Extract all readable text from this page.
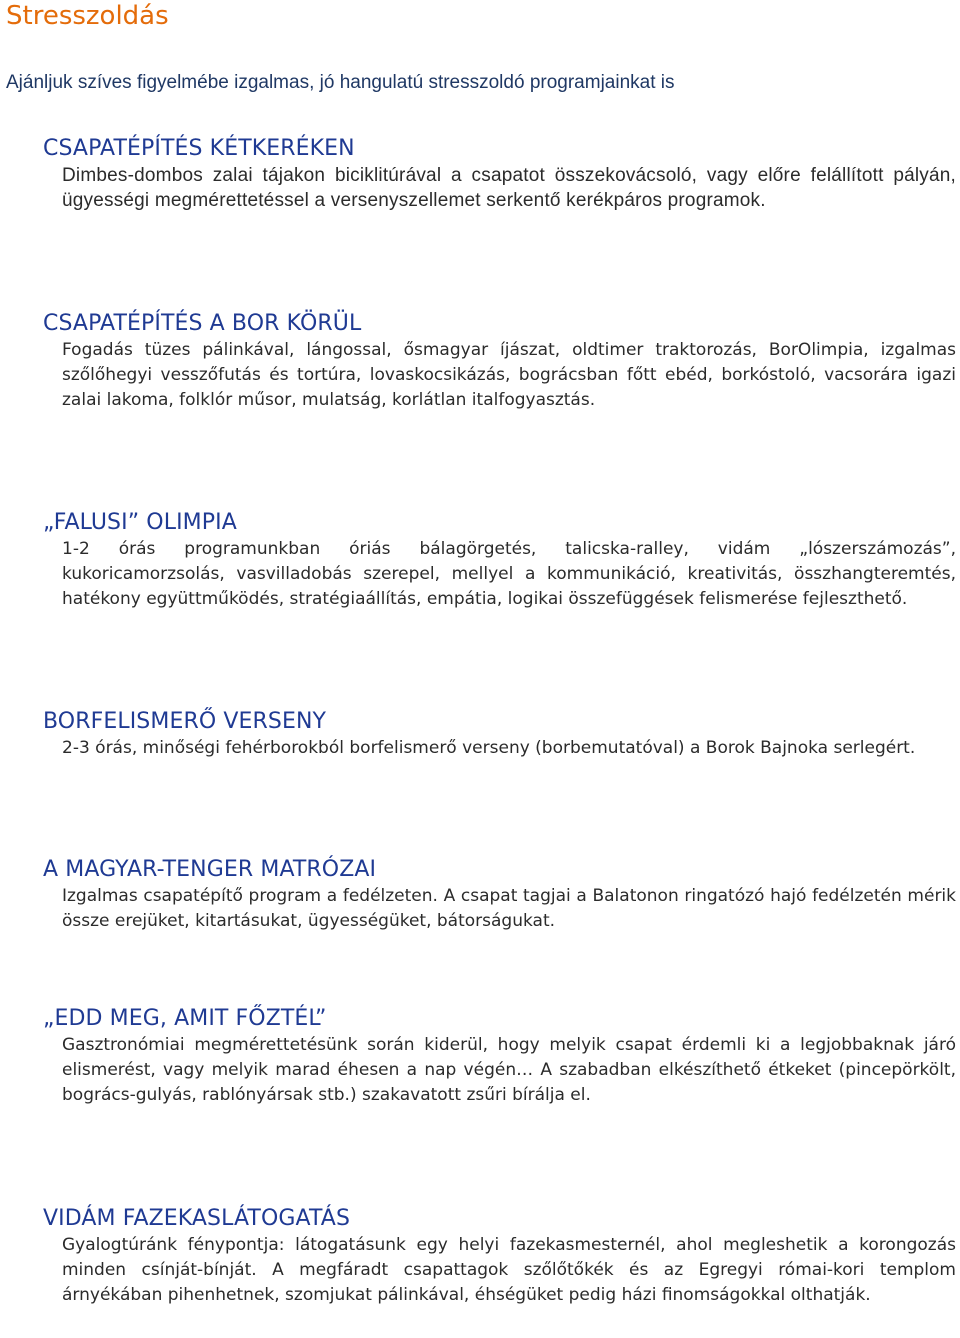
Stresszoldás

Ajánljuk szíves figyelmébe izgalmas, jó hangulatú stresszoldó programjainkat is

CSAPATÉPÍTÉS KÉTKERÉKEN

Dimbes-dombos zalai tájakon biciklitúrával a csapatot összekovácsoló, vagy előre felállított pályán, ügyességi megmérettetéssel a versenyszellemet serkentő kerékpáros programok.

CSAPATÉPÍTÉS A BOR KÖRÜL

Fogadás tüzes pálinkával, lángossal, ősmagyar íjászat, oldtimer traktorozás, BorOlimpia, izgalmas szőlőhegyi vesszőfutás és tortúra, lovaskocsikázás, bográcsban főtt ebéd, borkóstoló, vacsorára igazi zalai lakoma, folklór műsor, mulatság, korlátlan italfogyasztás.

„FALUSI” OLIMPIA

1-2 órás programunkban óriás bálagörgetés, talicska-ralley, vidám „lószerszámozás”, kukoricamorzsolás, vasvilladobás szerepel, mellyel a kommunikáció, kreativitás, összhangteremtés, hatékony együttműködés, stratégiaállítás, empátia, logikai összefüggések felismerése fejleszthető.

BORFELISMERŐ VERSENY

2-3 órás, minőségi fehérborokból borfelismerő verseny (borbemutatóval) a Borok Bajnoka serlegért.

A MAGYAR-TENGER MATRÓZAI

Izgalmas csapatépítő program a fedélzeten. A csapat tagjai a Balatonon ringatózó hajó fedélzetén mérik össze erejüket, kitartásukat, ügyességüket, bátorságukat.

„EDD MEG, AMIT FŐZTÉL”

Gasztronómiai megmérettetésünk során kiderül, hogy melyik csapat érdemli ki a legjobbaknak járó elismerést, vagy melyik marad éhesen a nap végén… A szabadban elkészíthető étkeket (pincepörkölt, bogrács-gulyás, rablónyársak stb.) szakavatott zsűri bírálja el.

VIDÁM FAZEKASLÁTOGATÁS

Gyalogtúránk fénypontja: látogatásunk egy helyi fazekasmesternél, ahol megleshetik a korongozás minden csínját-bínját. A megfáradt csapattagok szőlőtőkék és az Egregyi római-kori templom árnyékában pihenhetnek, szomjukat pálinkával, éhségüket pedig házi finomságokkal olthatják.
